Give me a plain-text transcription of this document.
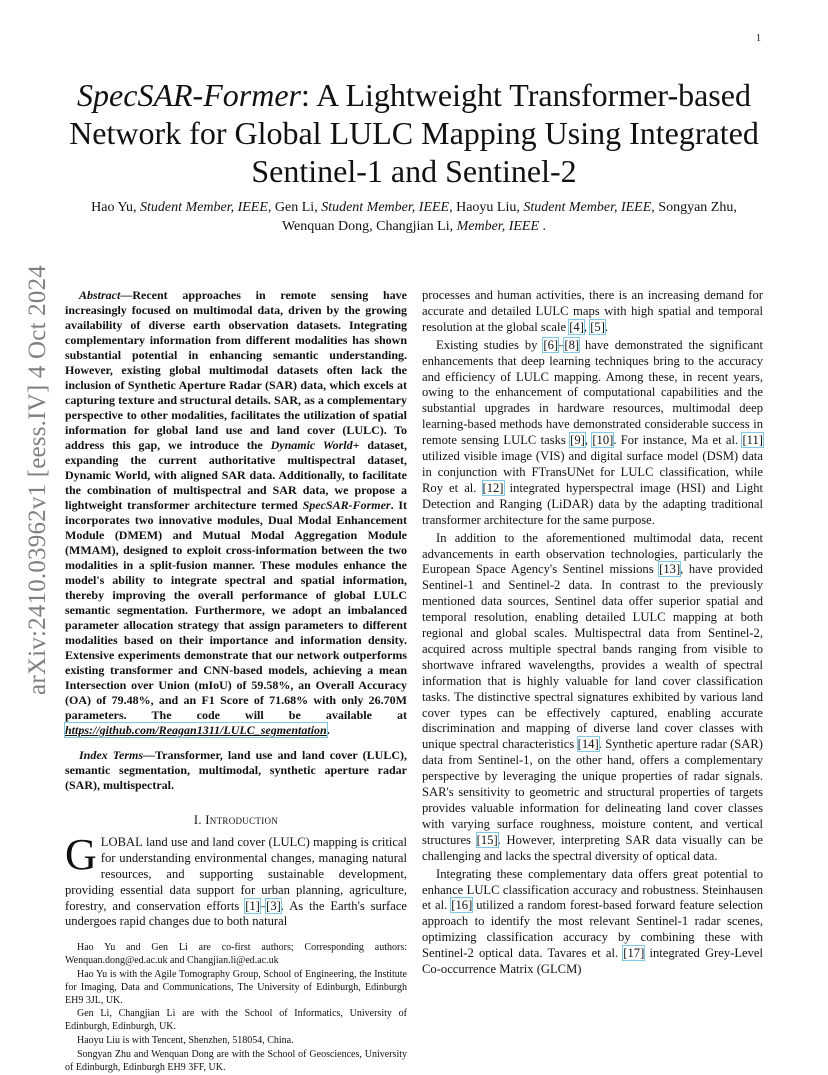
1
arXiv:2410.03962v1 [eess.IV] 4 Oct 2024
SpecSAR-Former: A Lightweight Transformer-based Network for Global LULC Mapping Using Integrated Sentinel-1 and Sentinel-2
Hao Yu, Student Member, IEEE, Gen Li, Student Member, IEEE, Haoyu Liu, Student Member, IEEE, Songyan Zhu, Wenquan Dong, Changjian Li, Member, IEEE .

Abstract—Recent approaches in remote sensing have increasingly focused on multimodal data, driven by the growing availability of diverse earth observation datasets. Integrating complementary information from different modalities has shown substantial potential in enhancing semantic understanding. However, existing global multimodal datasets often lack the inclusion of Synthetic Aperture Radar (SAR) data, which excels at capturing texture and structural details. SAR, as a complementary perspective to other modalities, facilitates the utilization of spatial information for global land use and land cover (LULC). To address this gap, we introduce the Dynamic World+ dataset, expanding the current authoritative multispectral dataset, Dynamic World, with aligned SAR data. Additionally, to facilitate the combination of multispectral and SAR data, we propose a lightweight transformer architecture termed SpecSAR-Former. It incorporates two innovative modules, Dual Modal Enhancement Module (DMEM) and Mutual Modal Aggregation Module (MMAM), designed to exploit cross-information between the two modalities in a split-fusion manner. These modules enhance the model's ability to integrate spectral and spatial information, thereby improving the overall performance of global LULC semantic segmentation. Furthermore, we adopt an imbalanced parameter allocation strategy that assign parameters to different modalities based on their importance and information density. Extensive experiments demonstrate that our network outperforms existing transformer and CNN-based models, achieving a mean Intersection over Union (mIoU) of 59.58%, an Overall Accuracy (OA) of 79.48%, and an F1 Score of 71.68% with only 26.70M parameters. The code will be available at https://github.com/Reagan1311/LULC_segmentation.

Index Terms—Transformer, land use and land cover (LULC), semantic segmentation, multimodal, synthetic aperture radar (SAR), multispectral.

I. Introduction

GLOBAL land use and land cover (LULC) mapping is critical for understanding environmental changes, managing natural resources, and supporting sustainable development, providing essential data support for urban planning, agriculture, forestry, and conservation efforts [1]–[3]. As the Earth's surface undergoes rapid changes due to both natural

Hao Yu and Gen Li are co-first authors; Corresponding authors: Wenquan.dong@ed.ac.uk and Changjian.li@ed.ac.uk

Hao Yu is with the Agile Tomography Group, School of Engineering, the Institute for Imaging, Data and Communications, The University of Edinburgh, Edinburgh EH9 3JL, UK.

Gen Li, Changjian Li are with the School of Informatics, University of Edinburgh, Edinburgh, UK.

Haoyu Liu is with Tencent, Shenzhen, 518054, China.

Songyan Zhu and Wenquan Dong are with the School of Geosciences, University of Edinburgh, Edinburgh EH9 3FF, UK.

processes and human activities, there is an increasing demand for accurate and detailed LULC maps with high spatial and temporal resolution at the global scale [4], [5].

Existing studies by [6]–[8] have demonstrated the significant enhancements that deep learning techniques bring to the accuracy and efficiency of LULC mapping. Among these, in recent years, owing to the enhancement of computational capabilities and the substantial upgrades in hardware resources, multimodal deep learning-based methods have demonstrated considerable success in remote sensing LULC tasks [9], [10]. For instance, Ma et al. [11] utilized visible image (VIS) and digital surface model (DSM) data in conjunction with FTransUNet for LULC classification, while Roy et al. [12] integrated hyperspectral image (HSI) and Light Detection and Ranging (LiDAR) data by the adapting traditional transformer architecture for the same purpose.

In addition to the aforementioned multimodal data, recent advancements in earth observation technologies, particularly the European Space Agency's Sentinel missions [13], have provided Sentinel-1 and Sentinel-2 data. In contrast to the previously mentioned data sources, Sentinel data offer superior spatial and temporal resolution, enabling detailed LULC mapping at both regional and global scales. Multispectral data from Sentinel-2, acquired across multiple spectral bands ranging from visible to shortwave infrared wavelengths, provides a wealth of spectral information that is highly valuable for land cover classification tasks. The distinctive spectral signatures exhibited by various land cover types can be effectively captured, enabling accurate discrimination and mapping of diverse land cover classes with unique spectral characteristics [14]. Synthetic aperture radar (SAR) data from Sentinel-1, on the other hand, offers a complementary perspective by leveraging the unique properties of radar signals. SAR's sensitivity to geometric and structural properties of targets provides valuable information for delineating land cover classes with varying surface roughness, moisture content, and vertical structures [15]. However, interpreting SAR data visually can be challenging and lacks the spectral diversity of optical data.

Integrating these complementary data offers great potential to enhance LULC classification accuracy and robustness. Steinhausen et al. [16] utilized a random forest-based forward feature selection approach to identify the most relevant Sentinel-1 radar scenes, optimizing classification accuracy by combining these with Sentinel-2 optical data. Tavares et al. [17] integrated Grey-Level Co-occurrence Matrix (GLCM)
